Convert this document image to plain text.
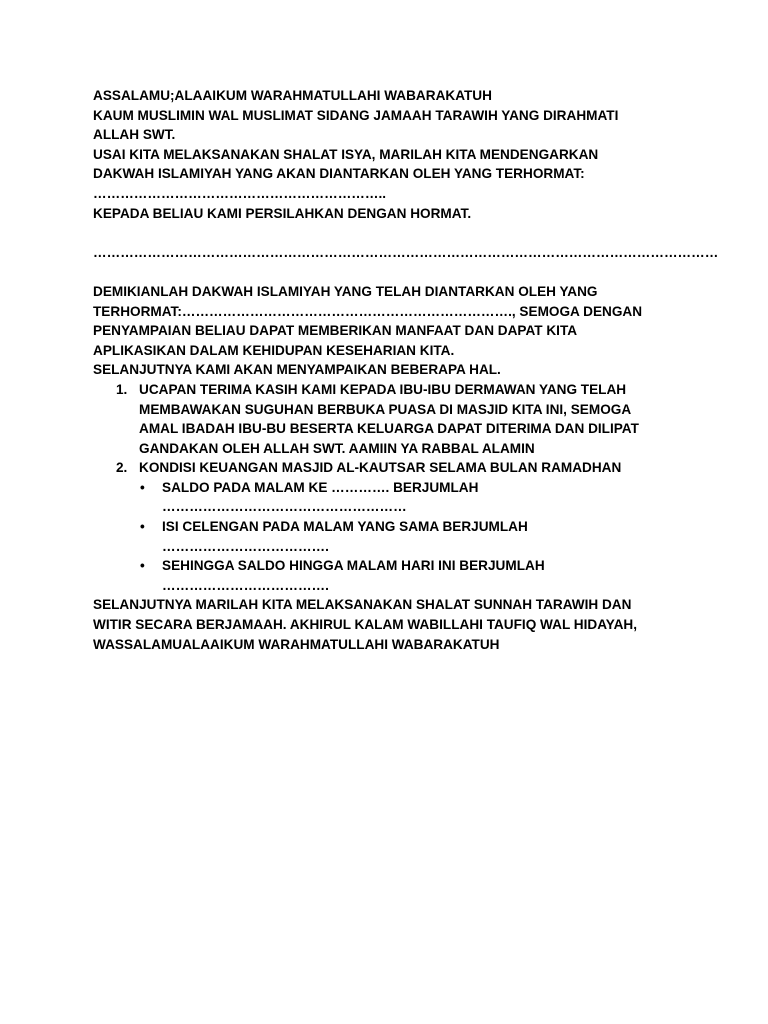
ASSALAMU;ALAAIKUM WARAHMATULLAHI WABARAKATUH
KAUM MUSLIMIN WAL MUSLIMAT SIDANG JAMAAH TARAWIH YANG DIRAHMATI
ALLAH SWT.
USAI KITA MELAKSANAKAN SHALAT ISYA, MARILAH KITA MENDENGARKAN
DAKWAH ISLAMIYAH YANG AKAN DIANTARKAN OLEH YANG TERHORMAT:
………………………………………………………..
KEPADA BELIAU KAMI PERSILAHKAN DENGAN HORMAT.
…………………………………………………………………………………………………………………………
DEMIKIANLAH DAKWAH ISLAMIYAH YANG TELAH DIANTARKAN OLEH YANG
TERHORMAT:………………………………………………………………., SEMOGA DENGAN
PENYAMPAIAN BELIAU DAPAT MEMBERIKAN MANFAAT DAN DAPAT KITA
APLIKASIKAN DALAM KEHIDUPAN KESEHARIAN KITA.
SELANJUTNYA KAMI AKAN MENYAMPAIKAN BEBERAPA HAL.
1. UCAPAN TERIMA KASIH KAMI KEPADA IBU-IBU DERMAWAN YANG TELAH
MEMBAWAKAN SUGUHAN BERBUKA PUASA DI MASJID KITA INI, SEMOGA
AMAL IBADAH IBU-BU BESERTA KELUARGA DAPAT DITERIMA DAN DILIPAT
GANDAKAN OLEH ALLAH SWT. AAMIIN YA RABBAL ALAMIN
2. KONDISI KEUANGAN MASJID AL-KAUTSAR SELAMA BULAN RAMADHAN
• SALDO PADA MALAM KE …………. BERJUMLAH
………………………………………………
• ISI CELENGAN PADA MALAM YANG SAMA BERJUMLAH
……………………………….
• SEHINGGA SALDO HINGGA MALAM HARI INI BERJUMLAH
……………………………….
SELANJUTNYA MARILAH KITA MELAKSANAKAN SHALAT SUNNAH TARAWIH DAN
WITIR SECARA BERJAMAAH. AKHIRUL KALAM WABILLAHI TAUFIQ WAL HIDAYAH,
WASSALAMUALAAIKUM WARAHMATULLAHI WABARAKATUH
